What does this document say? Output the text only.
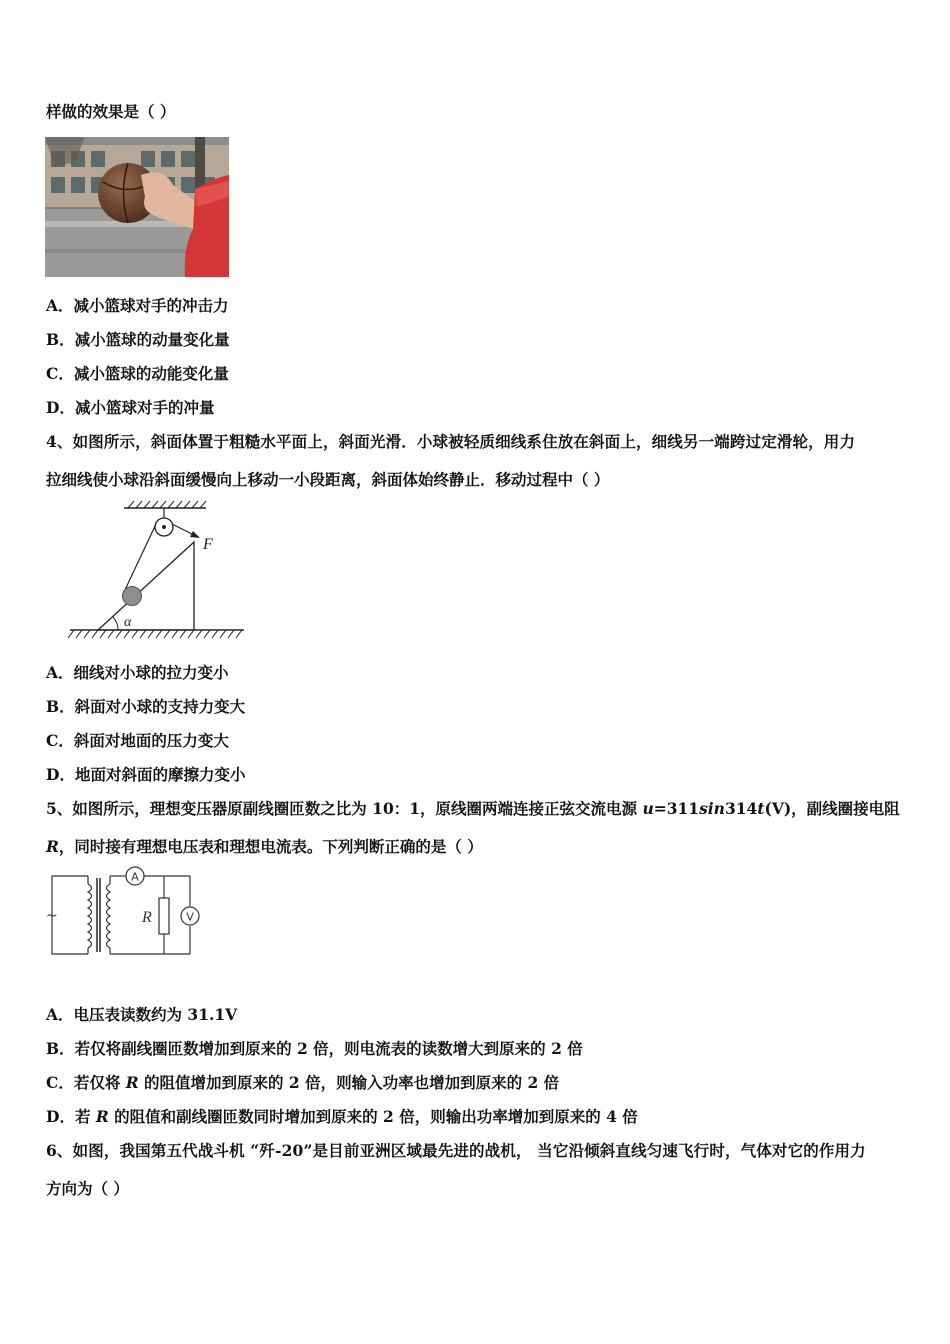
样做的效果是（ ）
A．减小篮球对手的冲击力
B．减小篮球的动量变化量
C．减小篮球的动能变化量
D．减小篮球对手的冲量
4、如图所示，斜面体置于粗糙水平面上，斜面光滑．小球被轻质细线系住放在斜面上，细线另一端跨过定滑轮，用力
拉细线使小球沿斜面缓慢向上移动一小段距离，斜面体始终静止．移动过程中（ ）
F
α
A．细线对小球的拉力变小
B．斜面对小球的支持力变大
C．斜面对地面的压力变大
D．地面对斜面的摩擦力变小
5、如图所示，理想变压器原副线圈匝数之比为 10：1，原线圈两端连接正弦交流电源 u=311sin314t(V)，副线圈接电阻
R，同时接有理想电压表和理想电流表。下列判断正确的是（ ）
~
A
R	V
A．电压表读数约为 31.1V
B．若仅将副线圈匝数增加到原来的 2 倍，则电流表的读数增大到原来的 2 倍
C．若仅将 R 的阻值增加到原来的 2 倍，则输入功率也增加到原来的 2 倍
D．若 R 的阻值和副线圈匝数同时增加到原来的 2 倍，则输出功率增加到原来的 4 倍
6、如图，我国第五代战斗机 “歼-20”是目前亚洲区域最先进的战机， 当它沿倾斜直线匀速飞行时，气体对它的作用力
方向为（ ）
